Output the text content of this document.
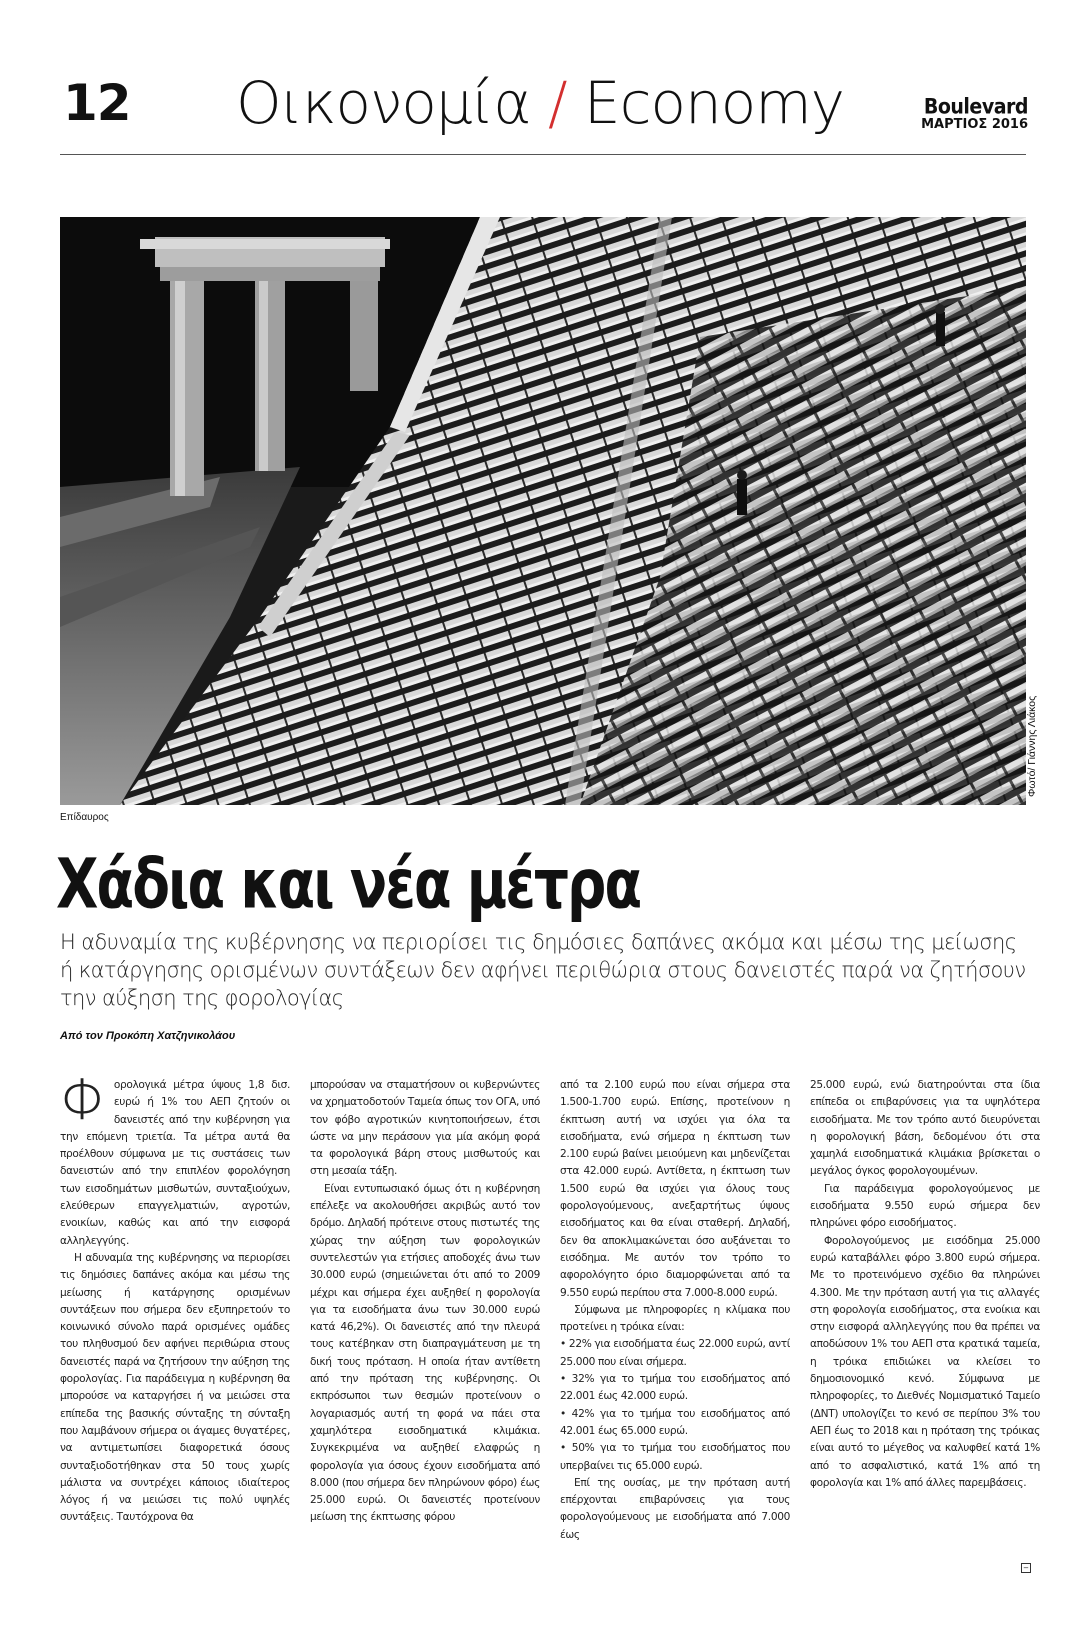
12	Οικονομία / Economy	Boulevard
ΜΑΡΤΙΟΣ 2016
Φωτό/ Γιάννης Λιάκος
Επίδαυρος
Χάδια και νέα μέτρα
Η αδυναμία της κυβέρνησης να περιορίσει τις δημόσιες δαπάνες ακόμα και μέσω της μείωσης ή κατάργησης ορισμένων συντάξεων δεν αφήνει περιθώρια στους δανειστές παρά να ζητήσουν την αύξηση της φορολογίας
Από τον Προκόπη Χατζηνικολάου

Φορολογικά μέτρα ύψους 1,8 δισ. ευρώ ή 1% του ΑΕΠ ζητούν οι δανειστές από την κυβέρνηση για την επόμενη τριετία. Τα μέτρα αυτά θα προέλθουν σύμφωνα με τις συστάσεις των δανειστών από την επιπλέον φορολόγηση των εισοδημάτων μισθωτών, συνταξιούχων, ελεύθερων επαγγελματιών, αγροτών, ενοικίων, καθώς και από την εισφορά αλληλεγγύης.

Η αδυναμία της κυβέρνησης να περιορίσει τις δημόσιες δαπάνες ακόμα και μέσω της μείωσης ή κατάργησης ορισμένων συντάξεων που σήμερα δεν εξυπηρετούν το κοινωνικό σύνολο παρά ορισμένες ομάδες του πληθυσμού δεν αφήνει περιθώρια στους δανειστές παρά να ζητήσουν την αύξηση της φορολογίας. Για παράδειγμα η κυβέρνηση θα μπορούσε να καταργήσει ή να μειώσει στα επίπεδα της βασικής σύνταξης τη σύνταξη που λαμβάνουν σήμερα οι άγαμες θυγατέρες, να αντιμετωπίσει διαφορετικά όσους συνταξιοδοτήθηκαν στα 50 τους χωρίς μάλιστα να συντρέχει κάποιος ιδιαίτερος λόγος ή να μειώσει τις πολύ υψηλές συντάξεις. Ταυτόχρονα θα

μπορούσαν να σταματήσουν οι κυβερνώντες να χρηματοδοτούν Ταμεία όπως τον ΟΓΑ, υπό τον φόβο αγροτικών κινητοποιήσεων, έτσι ώστε να μην περάσουν για μία ακόμη φορά τα φορολογικά βάρη στους μισθωτούς και στη μεσαία τάξη.

Είναι εντυπωσιακό όμως ότι η κυβέρνηση επέλεξε να ακολουθήσει ακριβώς αυτό τον δρόμο. Δηλαδή πρότεινε στους πιστωτές της χώρας την αύξηση των φορολογικών συντελεστών για ετήσιες αποδοχές άνω των 30.000 ευρώ (σημειώνεται ότι από το 2009 μέχρι και σήμερα έχει αυξηθεί η φορολογία για τα εισοδήματα άνω των 30.000 ευρώ κατά 46,2%). Οι δανειστές από την πλευρά τους κατέβηκαν στη διαπραγμάτευση με τη δική τους πρόταση. Η οποία ήταν αντίθετη από την πρόταση της κυβέρνησης. Οι εκπρόσωποι των θεσμών προτείνουν ο λογαριασμός αυτή τη φορά να πάει στα χαμηλότερα εισοδηματικά κλιμάκια. Συγκεκριμένα να αυξηθεί ελαφρώς η φορολογία για όσους έχουν εισοδήματα από 8.000 (που σήμερα δεν πληρώνουν φόρο) έως 25.000 ευρώ. Οι δανειστές προτείνουν μείωση της έκπτωσης φόρου

από τα 2.100 ευρώ που είναι σήμερα στα 1.500-1.700 ευρώ. Επίσης, προτείνουν η έκπτωση αυτή να ισχύει για όλα τα εισοδήματα, ενώ σήμερα η έκπτωση των 2.100 ευρώ βαίνει μειούμενη και μηδενίζεται στα 42.000 ευρώ. Αντίθετα, η έκπτωση των 1.500 ευρώ θα ισχύει για όλους τους φορολογούμενους, ανεξαρτήτως ύψους εισοδήματος και θα είναι σταθερή. Δηλαδή, δεν θα αποκλιμακώνεται όσο αυξάνεται το εισόδημα. Με αυτόν τον τρόπο το αφορολόγητο όριο διαμορφώνεται από τα 9.550 ευρώ περίπου στα 7.000-8.000 ευρώ.

Σύμφωνα με πληροφορίες η κλίμακα που προτείνει η τρόικα είναι:

• 22% για εισοδήματα έως 22.000 ευρώ, αντί 25.000 που είναι σήμερα.

• 32% για το τμήμα του εισοδήματος από 22.001 έως 42.000 ευρώ.

• 42% για το τμήμα του εισοδήματος από 42.001 έως 65.000 ευρώ.

• 50% για το τμήμα του εισοδήματος που υπερβαίνει τις 65.000 ευρώ.

Επί της ουσίας, με την πρόταση αυτή επέρχονται επιβαρύνσεις για τους φορολογούμενους με εισοδήματα από 7.000 έως

25.000 ευρώ, ενώ διατηρούνται στα ίδια επίπεδα οι επιβαρύνσεις για τα υψηλότερα εισοδήματα. Με τον τρόπο αυτό διευρύνεται η φορολογική βάση, δεδομένου ότι στα χαμηλά εισοδηματικά κλιμάκια βρίσκεται ο μεγάλος όγκος φορολογουμένων.

Για παράδειγμα φορολογούμενος με εισοδήματα 9.550 ευρώ σήμερα δεν πληρώνει φόρο εισοδήματος.

Φορολογούμενος με εισόδημα 25.000 ευρώ καταβάλλει φόρο 3.800 ευρώ σήμερα. Με το προτεινόμενο σχέδιο θα πληρώνει 4.300. Με την πρόταση αυτή για τις αλλαγές στη φορολογία εισοδήματος, στα ενοίκια και στην εισφορά αλληλεγγύης που θα πρέπει να αποδώσουν 1% του ΑΕΠ στα κρατικά ταμεία, η τρόικα επιδιώκει να κλείσει το δημοσιονομικό κενό. Σύμφωνα με πληροφορίες, το Διεθνές Νομισματικό Ταμείο (ΔΝΤ) υπολογίζει το κενό σε περίπου 3% του ΑΕΠ έως το 2018 και η πρόταση της τρόικας είναι αυτό το μέγεθος να καλυφθεί κατά 1% από το ασφαλιστικό, κατά 1% από τη φορολογία και 1% από άλλες παρεμβάσεις.

–
